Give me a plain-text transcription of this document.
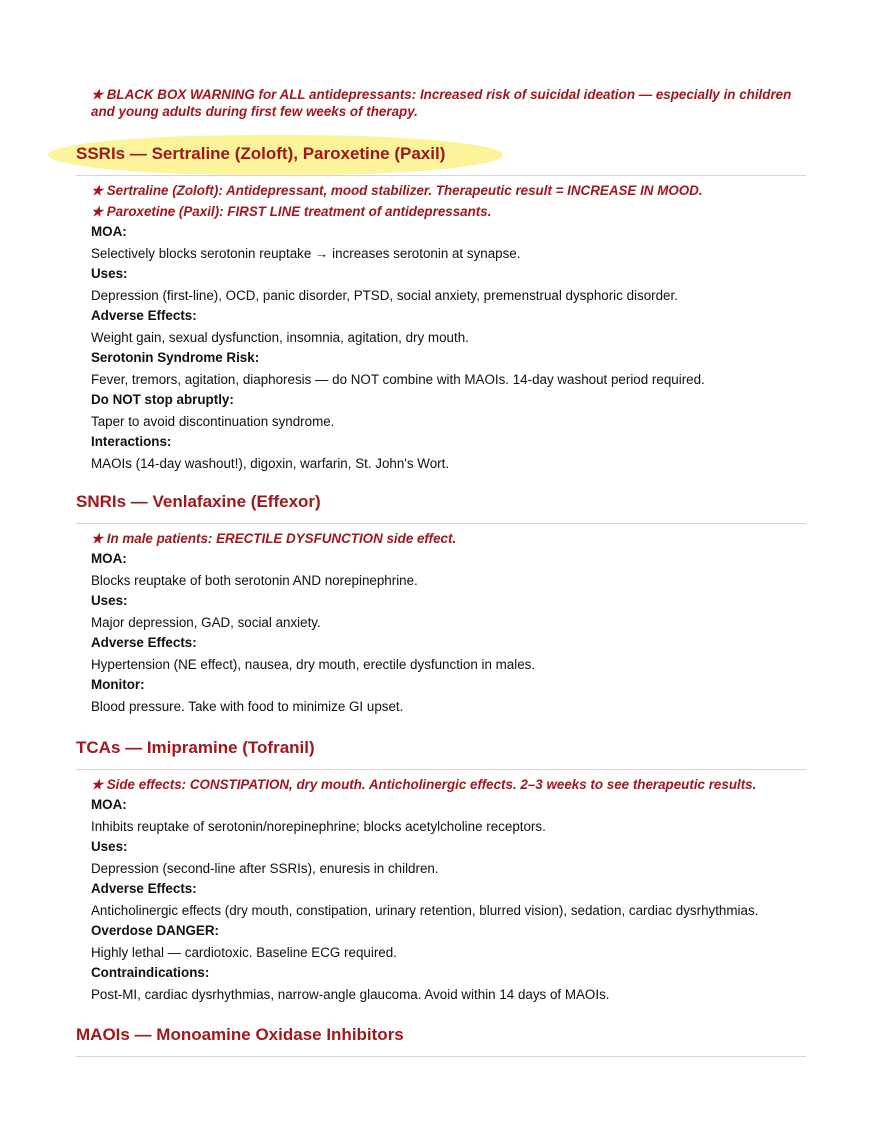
★ BLACK BOX WARNING for ALL antidepressants: Increased risk of suicidal ideation — especially in children and young adults during first few weeks of therapy.
SSRIs — Sertraline (Zoloft), Paroxetine (Paxil)
★ Sertraline (Zoloft): Antidepressant, mood stabilizer. Therapeutic result = INCREASE IN MOOD.
★ Paroxetine (Paxil): FIRST LINE treatment of antidepressants.
MOA:
Selectively blocks serotonin reuptake → increases serotonin at synapse.
Uses:
Depression (first-line), OCD, panic disorder, PTSD, social anxiety, premenstrual dysphoric disorder.
Adverse Effects:
Weight gain, sexual dysfunction, insomnia, agitation, dry mouth.
Serotonin Syndrome Risk:
Fever, tremors, agitation, diaphoresis — do NOT combine with MAOIs. 14-day washout period required.
Do NOT stop abruptly:
Taper to avoid discontinuation syndrome.
Interactions:
MAOIs (14-day washout!), digoxin, warfarin, St. John's Wort.
SNRIs — Venlafaxine (Effexor)
★ In male patients: ERECTILE DYSFUNCTION side effect.
MOA:
Blocks reuptake of both serotonin AND norepinephrine.
Uses:
Major depression, GAD, social anxiety.
Adverse Effects:
Hypertension (NE effect), nausea, dry mouth, erectile dysfunction in males.
Monitor:
Blood pressure. Take with food to minimize GI upset.
TCAs — Imipramine (Tofranil)
★ Side effects: CONSTIPATION, dry mouth. Anticholinergic effects. 2–3 weeks to see therapeutic results.
MOA:
Inhibits reuptake of serotonin/norepinephrine; blocks acetylcholine receptors.
Uses:
Depression (second-line after SSRIs), enuresis in children.
Adverse Effects:
Anticholinergic effects (dry mouth, constipation, urinary retention, blurred vision), sedation, cardiac dysrhythmias.
Overdose DANGER:
Highly lethal — cardiotoxic. Baseline ECG required.
Contraindications:
Post-MI, cardiac dysrhythmias, narrow-angle glaucoma. Avoid within 14 days of MAOIs.
MAOIs — Monoamine Oxidase Inhibitors
